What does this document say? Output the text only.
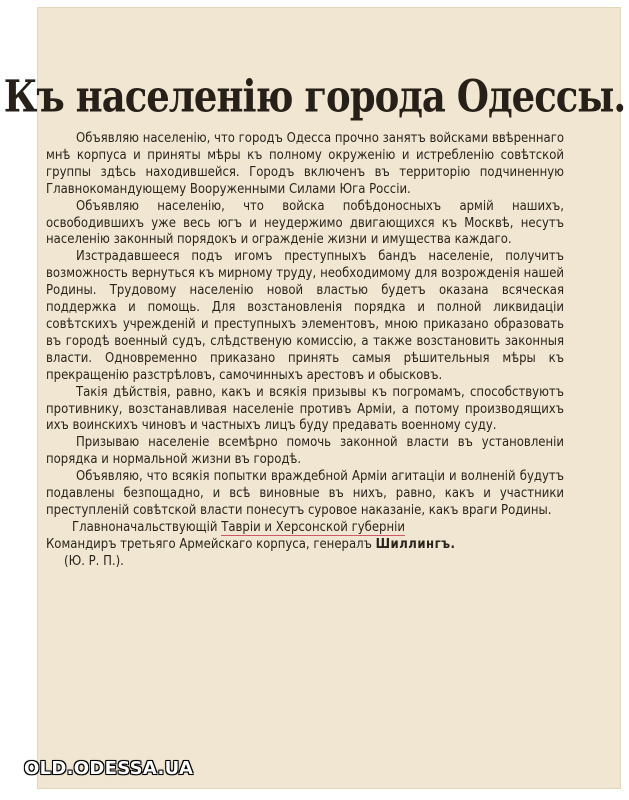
Къ населенію города Одессы.

Объявляю населенію, что городъ Одесса прочно занятъ войсками ввѣреннаго мнѣ корпуса и приняты мѣры къ полному окруженію и истребленію совѣтской группы здѣсь находившейся. Городъ включенъ въ территорію подчиненную Главнокомандующему Вооруженными Силами Юга Россіи.

Объявляю населенію, что войска побѣдоносныхъ армій нашихъ, освободившихъ уже весь югъ и неудержимо двигающихся къ Москвѣ, несутъ населенію законный порядокъ и огражденіе жизни и имущества каждаго.

Изстрадавшееся подъ игомъ преступныхъ бандъ населеніе, получитъ возможность вернуться къ мирному труду, необходимому для возрожденія нашей Родины. Трудовому населенію новой властью будетъ оказана всяческая поддержка и помощь. Для возстановленія порядка и полной ликвидаціи совѣтскихъ учрежденій и преступныхъ элементовъ, мною приказано образовать въ городѣ военный судъ, слѣдственую комиссію, а также возстановить законныя власти. Одновременно приказано принять самыя рѣшительныя мѣры къ прекращенію разстрѣловъ, самочинныхъ арестовъ и обысковъ.

Такія дѣйствія, равно, какъ и всякія призывы къ погромамъ, способствуютъ противнику, возстанавливая населеніе противъ Арміи, а потому производящихъ ихъ воинскихъ чиновъ и частныхъ лицъ буду предавать военному суду.

Призываю населеніе всемѣрно помочь законной власти въ установленіи порядка и нормальной жизни въ городѣ.

Объявляю, что всякія попытки враждебной Арміи агитаціи и волненій будутъ подавлены безпощадно, и всѣ виновные въ нихъ, равно, какъ и участники преступленій совѣтской власти понесутъ суровое наказаніе, какъ враги Родины.

Главноначальствующій Тавріи и Херсонской губерніи
Командиръ третьяго Армейскаго корпуса, генералъ Шиллингъ.
(Ю. Р. П.).
OLD.ODESSA.UA
